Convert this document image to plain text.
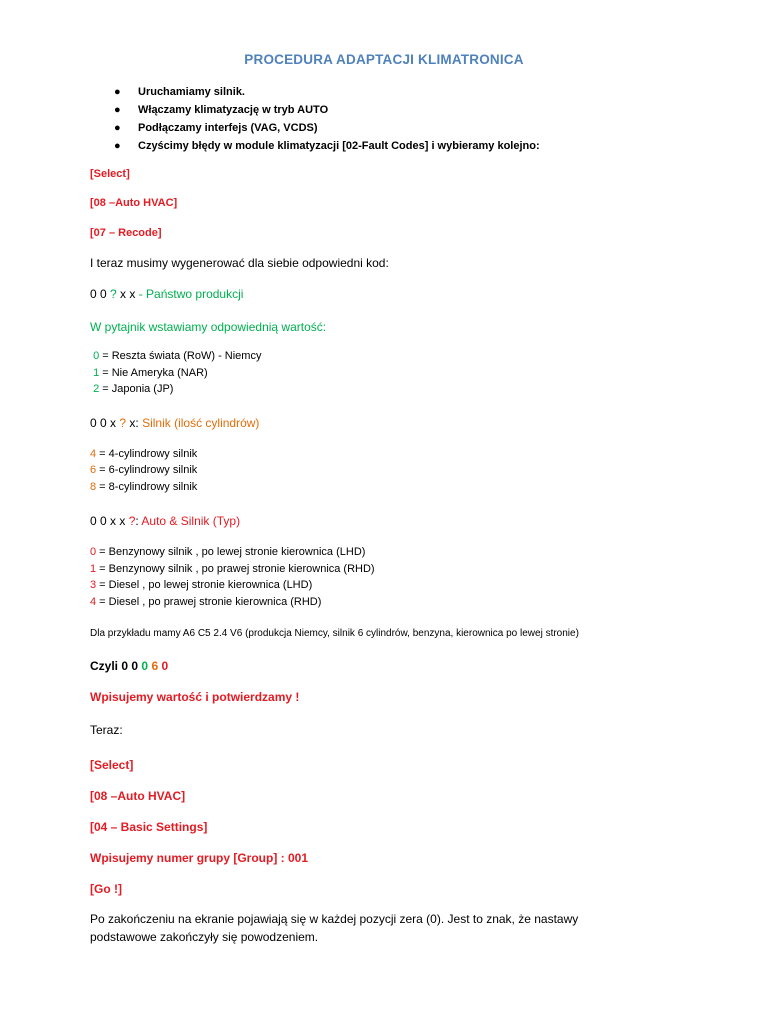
PROCEDURA ADAPTACJI KLIMATRONICA
● Uruchamiamy silnik.
● Włączamy klimatyzację w tryb AUTO
● Podłączamy interfejs (VAG, VCDS)
● Czyścimy błędy w module klimatyzacji [02-Fault Codes] i wybieramy kolejno:
[Select]
[08 –Auto HVAC]
[07 – Recode]
I teraz musimy wygenerować dla siebie odpowiedni kod:
0 0 ? x x - Państwo produkcji
W pytajnik wstawiamy odpowiednią wartość:
0 = Reszta świata (RoW) - Niemcy
1 = Nie Ameryka (NAR)
2 = Japonia (JP)
0 0 x ? x: Silnik (ilość cylindrów)
4 = 4-cylindrowy silnik
6 = 6-cylindrowy silnik
8 = 8-cylindrowy silnik
0 0 x x ?: Auto & Silnik (Typ)
0 = Benzynowy silnik , po lewej stronie kierownica (LHD)
1 = Benzynowy silnik , po prawej stronie kierownica (RHD)
3 = Diesel , po lewej stronie kierownica (LHD)
4 = Diesel , po prawej stronie kierownica (RHD)
Dla przykładu mamy A6 C5 2.4 V6 (produkcja Niemcy, silnik 6 cylindrów, benzyna, kierownica po lewej stronie)
Czyli 0 0 0 6 0
Wpisujemy wartość i potwierdzamy !
Teraz:
[Select]
[08 –Auto HVAC]
[04 – Basic Settings]
Wpisujemy numer grupy [Group] : 001
[Go !]
Po zakończeniu na ekranie pojawiają się w każdej pozycji zera (0). Jest to znak, że nastawy
podstawowe zakończyły się powodzeniem.
